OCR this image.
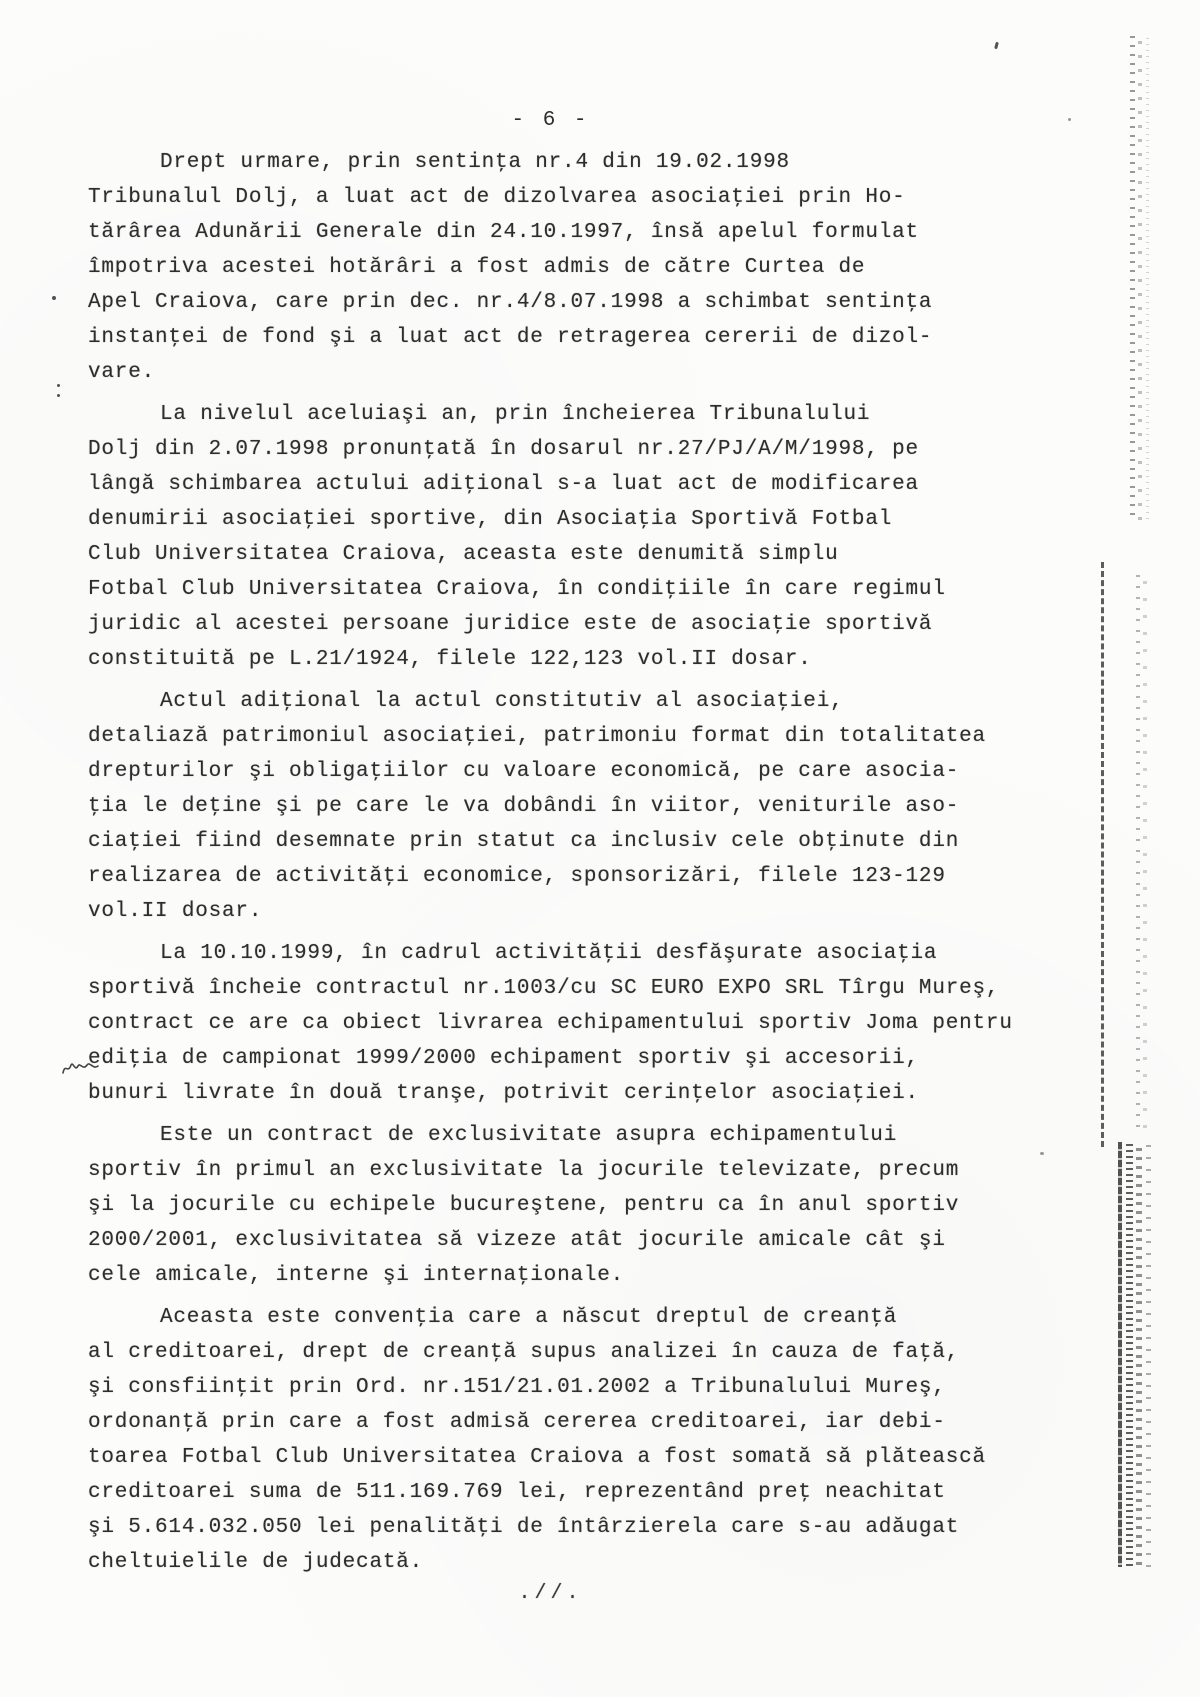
- 6 -
Drept urmare, prin sentinţa nr.4 din 19.02.1998
Tribunalul Dolj, a luat act de dizolvarea asociaţiei prin Ho-
tărârea Adunării Generale din 24.10.1997, însă apelul formulat
împotriva acestei hotărâri a fost admis de către Curtea de
Apel Craiova, care prin dec. nr.4/8.07.1998 a schimbat sentinţa
instanţei de fond şi a luat act de retragerea cererii de dizol-
vare.
La nivelul aceluiaşi an, prin încheierea Tribunalului
Dolj din 2.07.1998 pronunţată în dosarul nr.27/PJ/A/M/1998, pe
lângă schimbarea actului adiţional s-a luat act de modificarea
denumirii asociaţiei sportive, din Asociaţia Sportivă Fotbal
Club Universitatea Craiova, aceasta este denumită simplu
Fotbal Club Universitatea Craiova, în condiţiile în care regimul
juridic al acestei persoane juridice este de asociaţie sportivă
constituită pe L.21/1924, filele 122,123 vol.II dosar.
Actul adiţional la actul constitutiv al asociaţiei,
detaliază patrimoniul asociaţiei, patrimoniu format din totalitatea
drepturilor şi obligaţiilor cu valoare economică, pe care asocia-
ţia le deţine şi pe care le va dobândi în viitor, veniturile aso-
ciaţiei fiind desemnate prin statut ca inclusiv cele obţinute din
realizarea de activităţi economice, sponsorizări, filele 123-129
vol.II dosar.
La 10.10.1999, în cadrul activităţii desfăşurate asociaţia
sportivă încheie contractul nr.1003/cu SC EURO EXPO SRL Tîrgu Mureş,
contract ce are ca obiect livrarea echipamentului sportiv Joma pentru
ediţia de campionat 1999/2000 echipament sportiv şi accesorii,
bunuri livrate în două tranşe, potrivit cerinţelor asociaţiei.
Este un contract de exclusivitate asupra echipamentului
sportiv în primul an exclusivitate la jocurile televizate, precum
şi la jocurile cu echipele bucureştene, pentru ca în anul sportiv
2000/2001, exclusivitatea să vizeze atât jocurile amicale cât şi
cele amicale, interne şi internaţionale.
Aceasta este convenţia care a născut dreptul de creanţă
al creditoarei, drept de creanţă supus analizei în cauza de faţă,
şi consfiinţit prin Ord. nr.151/21.01.2002 a Tribunalului Mureş,
ordonanţă prin care a fost admisă cererea creditoarei, iar debi-
toarea Fotbal Club Universitatea Craiova a fost somată să plătească
creditoarei suma de 511.169.769 lei, reprezentând preţ neachitat
şi 5.614.032.050 lei penalităţi de întârzierela care s-au adăugat
cheltuielile de judecată.
.//.
